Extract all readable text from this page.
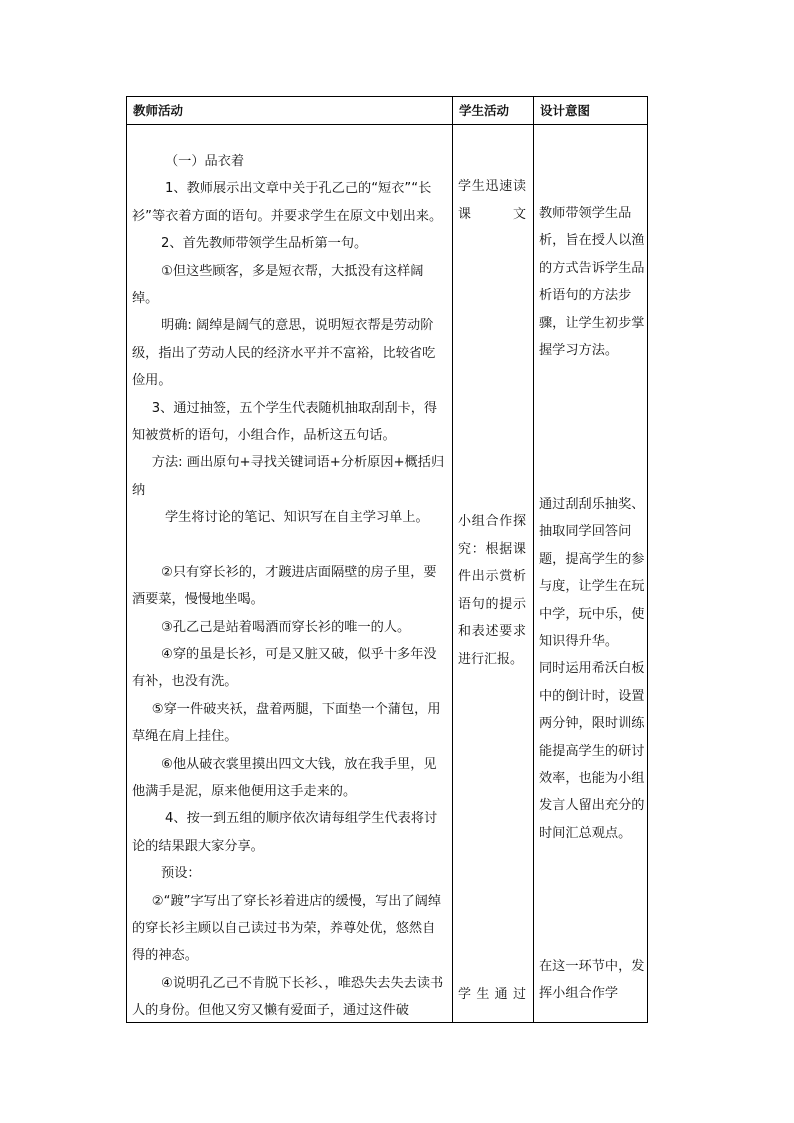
教师活动	学生活动 设计意图

（一）品衣着

1、教师展示出文章中关于孔乙己的“短衣”“长衫”等衣着方面的语句。并要求学生在原文中划出来。

2、首先教师带领学生品析第一句。

①但这些顾客，多是短衣帮，大抵没有这样阔绰。

明确: 阔绰是阔气的意思，说明短衣帮是劳动阶级，指出了劳动人民的经济水平并不富裕，比较省吃俭用。

3、通过抽签，五个学生代表随机抽取刮刮卡，得知被赏析的语句，小组合作，品析这五句话。

方法: 画出原句+寻找关键词语+分析原因+概括归纳

学生将讨论的笔记、知识写在自主学习单上。

②只有穿长衫的，才踱进店面隔壁的房子里，要酒要菜，慢慢地坐喝。

③孔乙己是站着喝酒而穿长衫的唯一的人。

④穿的虽是长衫，可是又脏又破，似乎十多年没有补，也没有洗。

⑤穿一件破夹袄，盘着两腿，下面垫一个蒲包，用草绳在肩上挂住。

⑥他从破衣裳里摸出四文大钱，放在我手里，见他满手是泥，原来他便用这手走来的。

4、按一到五组的顺序依次请每组学生代表将讨论的结果跟大家分享。

预设：

②“踱”字写出了穿长衫着进店的缓慢，写出了阔绰的穿长衫主顾以自己读过书为荣，养尊处优，悠然自得的神态。

④说明孔乙己不肯脱下长衫、，唯恐失去失去读书人的身份。但他又穷又懒有爱面子，通过这件破

学生迅速读课文
小组合作探究：根据课件出示赏析语句的提示和表述要求进行汇报。
学生通过

教师带领学生品析，旨在授人以渔的方式告诉学生品析语句的方法步骤，让学生初步掌握学习方法。

通过刮刮乐抽奖、抽取同学回答问题，提高学生的参与度，让学生在玩中学，玩中乐，使知识得升华。

同时运用希沃白板中的倒计时，设置两分钟，限时训练能提高学生的研讨效率，也能为小组发言人留出充分的时间汇总观点。

在这一环节中，发挥小组合作学
